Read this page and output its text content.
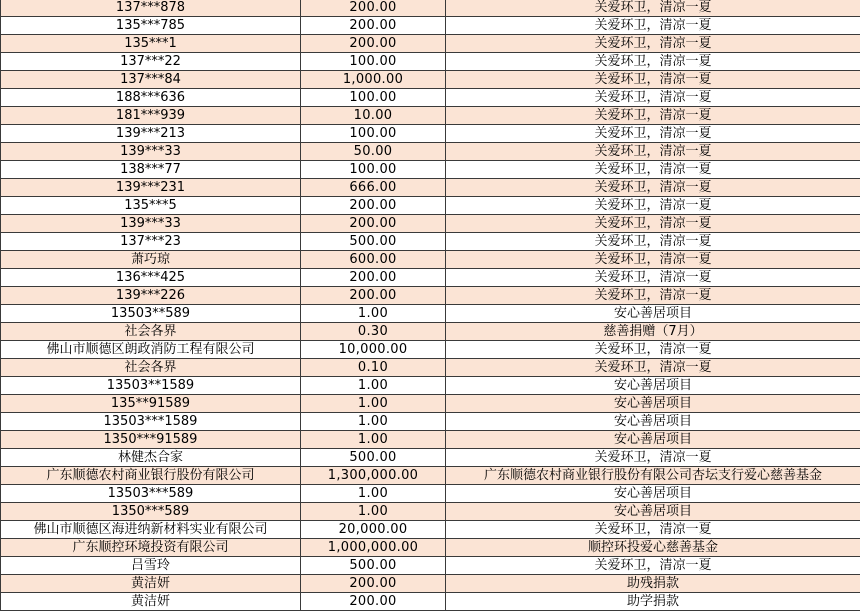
137***878	200.00	关爱环卫，清凉一夏
135***785	200.00	关爱环卫，清凉一夏
135***1	200.00	关爱环卫，清凉一夏
137***22	100.00	关爱环卫，清凉一夏
137***84	1,000.00	关爱环卫，清凉一夏
188***636	100.00	关爱环卫，清凉一夏
181***939	10.00	关爱环卫，清凉一夏
139***213	100.00	关爱环卫，清凉一夏
139***33	50.00	关爱环卫，清凉一夏
138***77	100.00	关爱环卫，清凉一夏
139***231	666.00	关爱环卫，清凉一夏
135***5	200.00	关爱环卫，清凉一夏
139***33	200.00	关爱环卫，清凉一夏
137***23	500.00	关爱环卫，清凉一夏
萧巧琼	600.00	关爱环卫，清凉一夏
136***425	200.00	关爱环卫，清凉一夏
139***226	200.00	关爱环卫，清凉一夏
13503**589	1.00	安心善居项目
社会各界	0.30	慈善捐赠（7月）
佛山市顺德区朗政消防工程有限公司	10,000.00	关爱环卫，清凉一夏
社会各界	0.10	关爱环卫，清凉一夏
13503**1589	1.00	安心善居项目
135**91589	1.00	安心善居项目
13503***1589	1.00	安心善居项目
1350***91589	1.00	安心善居项目
林健杰合家	500.00	关爱环卫，清凉一夏
广东顺德农村商业银行股份有限公司	1,300,000.00	广东顺德农村商业银行股份有限公司杏坛支行爱心慈善基金
13503***589	1.00	安心善居项目
1350***589	1.00	安心善居项目
佛山市顺德区海进纳新材料实业有限公司	20,000.00	关爱环卫，清凉一夏
广东顺控环境投资有限公司	1,000,000.00	顺控环投爱心慈善基金
吕雪玲	500.00	关爱环卫，清凉一夏
黄洁妍	200.00	助残捐款
黄洁妍	200.00	助学捐款
